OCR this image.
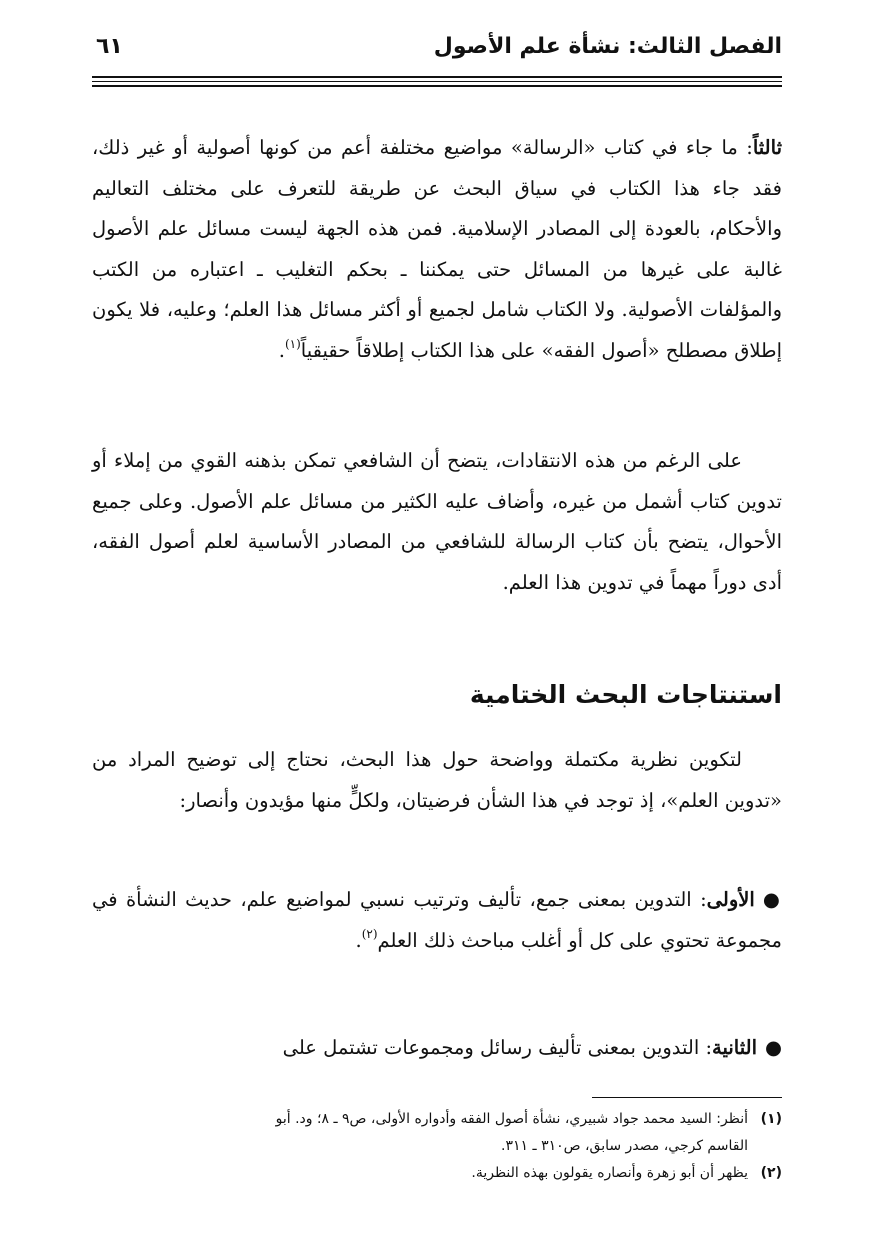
الفصل الثالث: نشأة علم الأصول
٦١

ثالثاً: ما جاء في كتاب «الرسالة» مواضيع مختلفة أعم من كونها أصولية أو غير ذلك، فقد جاء هذا الكتاب في سياق البحث عن طريقة للتعرف على مختلف التعاليم والأحكام، بالعودة إلى المصادر الإسلامية. فمن هذه الجهة ليست مسائل علم الأصول غالبة على غيرها من المسائل حتى يمكننا ـ بحكم التغليب ـ اعتباره من الكتب والمؤلفات الأصولية. ولا الكتاب شامل لجميع أو أكثر مسائل هذا العلم؛ وعليه، فلا يكون إطلاق مصطلح «أصول الفقه» على هذا الكتاب إطلاقاً حقيقياً$^{(١)}$.

على الرغم من هذه الانتقادات، يتضح أن الشافعي تمكن بذهنه القوي من إملاء أو تدوين كتاب أشمل من غيره، وأضاف عليه الكثير من مسائل علم الأصول. وعلى جميع الأحوال، يتضح بأن كتاب الرسالة للشافعي من المصادر الأساسية لعلم أصول الفقه، أدى دوراً مهماً في تدوين هذا العلم.

استنتاجات البحث الختامية

لتكوين نظرية مكتملة وواضحة حول هذا البحث، نحتاج إلى توضيح المراد من «تدوين العلم»، إذ توجد في هذا الشأن فرضيتان، ولكلٍّ منها مؤيدون وأنصار:

●الأولى: التدوين بمعنى جمع، تأليف وترتيب نسبي لمواضيع علم، حديث النشأة في مجموعة تحتوي على كل أو أغلب مباحث ذلك العلم$^{(٢)}$.

●الثانية: التدوين بمعنى تأليف رسائل ومجموعات تشتمل على

(١)أنظر: السيد محمد جواد شبيري، نشأة أصول الفقه وأدواره الأولى، ص٩ ـ ٨؛ ود. أبو
القاسم كرجي، مصدر سابق، ص٣١٠ ـ ٣١١.
(٢)يظهر أن أبو زهرة وأنصاره يقولون بهذه النظرية.
